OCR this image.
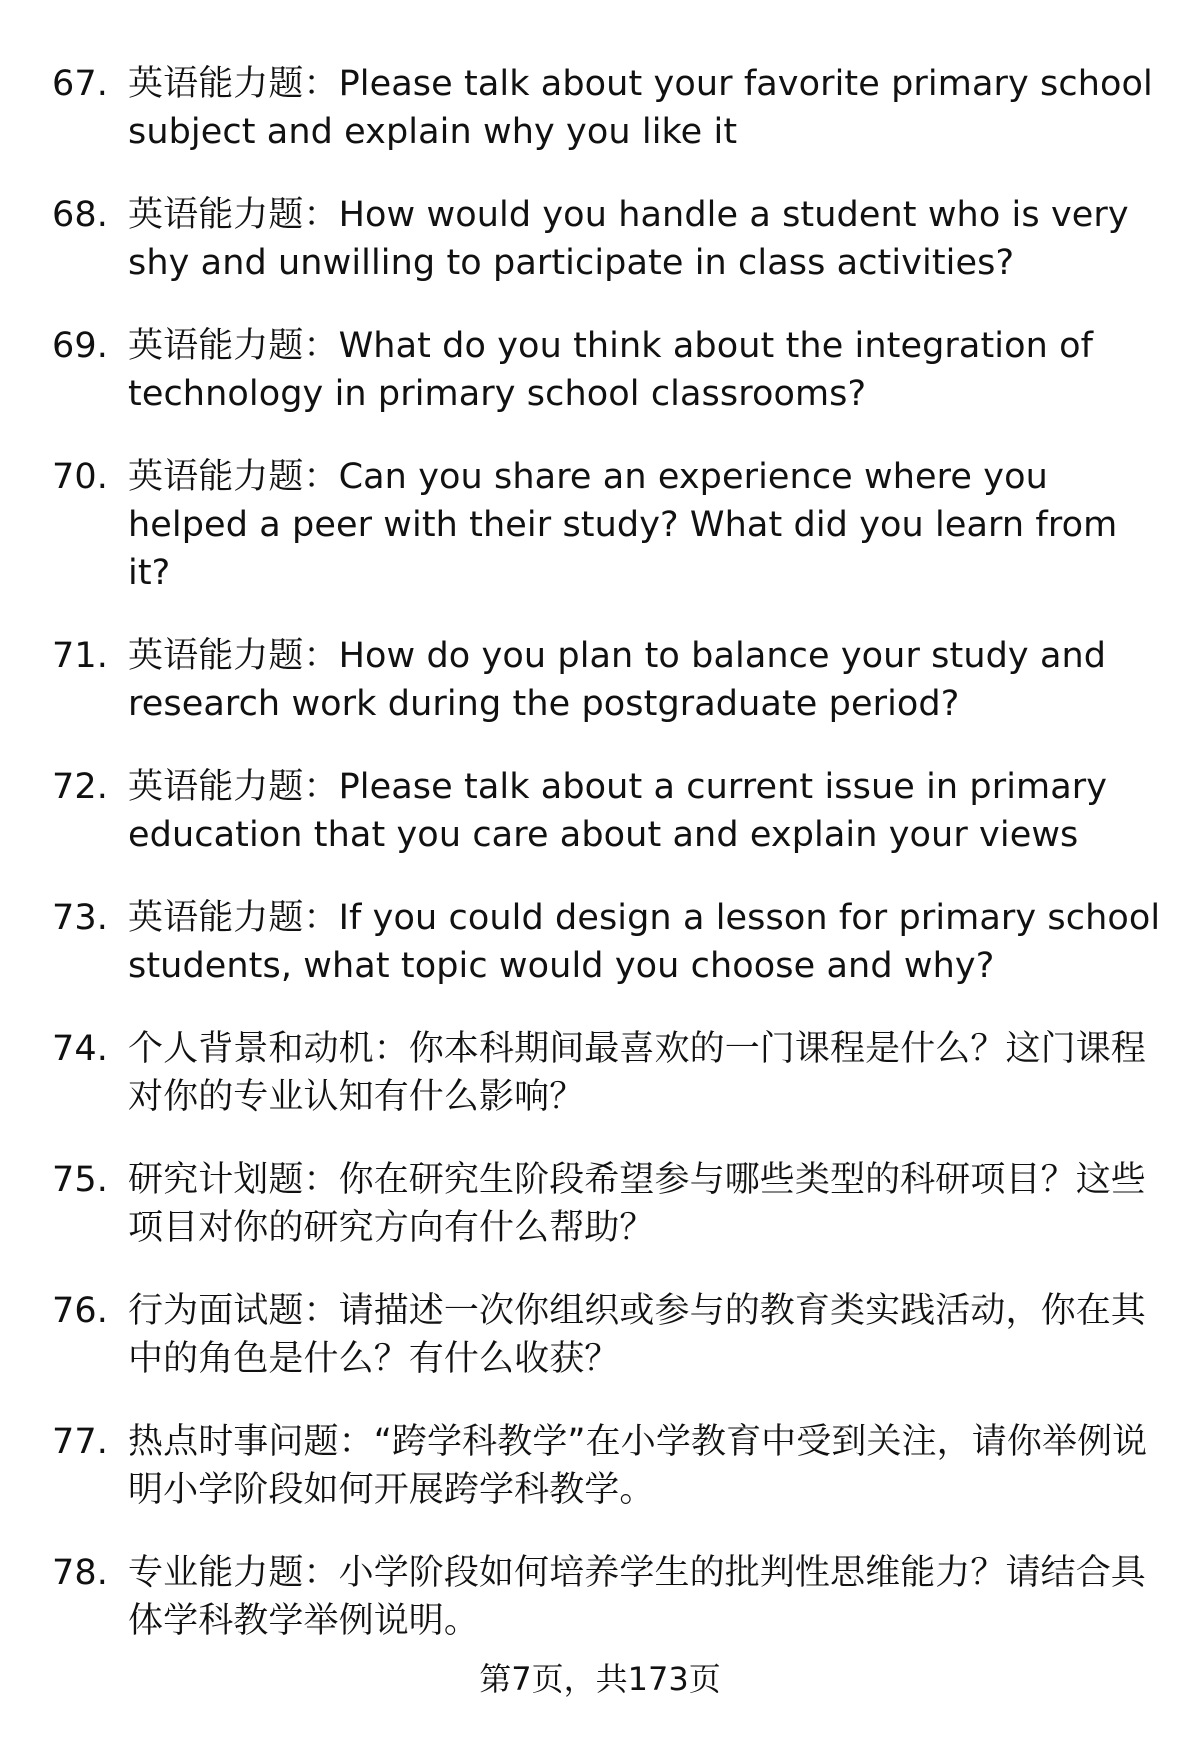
67. 英语能力题：Please talk about your favorite primary school subject and explain why you like it
68. 英语能力题：How would you handle a student who is very shy and unwilling to participate in class activities?
69. 英语能力题：What do you think about the integration of technology in primary school classrooms?
70. 英语能力题：Can you share an experience where you helped a peer with their study? What did you learn from it?
71. 英语能力题：How do you plan to balance your study and research work during the postgraduate period?
72. 英语能力题：Please talk about a current issue in primary education that you care about and explain your views
73. 英语能力题：If you could design a lesson for primary school students, what topic would you choose and why?
74. 个人背景和动机：你本科期间最喜欢的一门课程是什么？这门课程对你的专业认知有什么影响？
75. 研究计划题：你在研究生阶段希望参与哪些类型的科研项目？这些项目对你的研究方向有什么帮助？
76. 行为面试题：请描述一次你组织或参与的教育类实践活动，你在其中的角色是什么？有什么收获？
77. 热点时事问题：“跨学科教学”在小学教育中受到关注，请你举例说明小学阶段如何开展跨学科教学。
78. 专业能力题：小学阶段如何培养学生的批判性思维能力？请结合具体学科教学举例说明。
第7页，共173页
